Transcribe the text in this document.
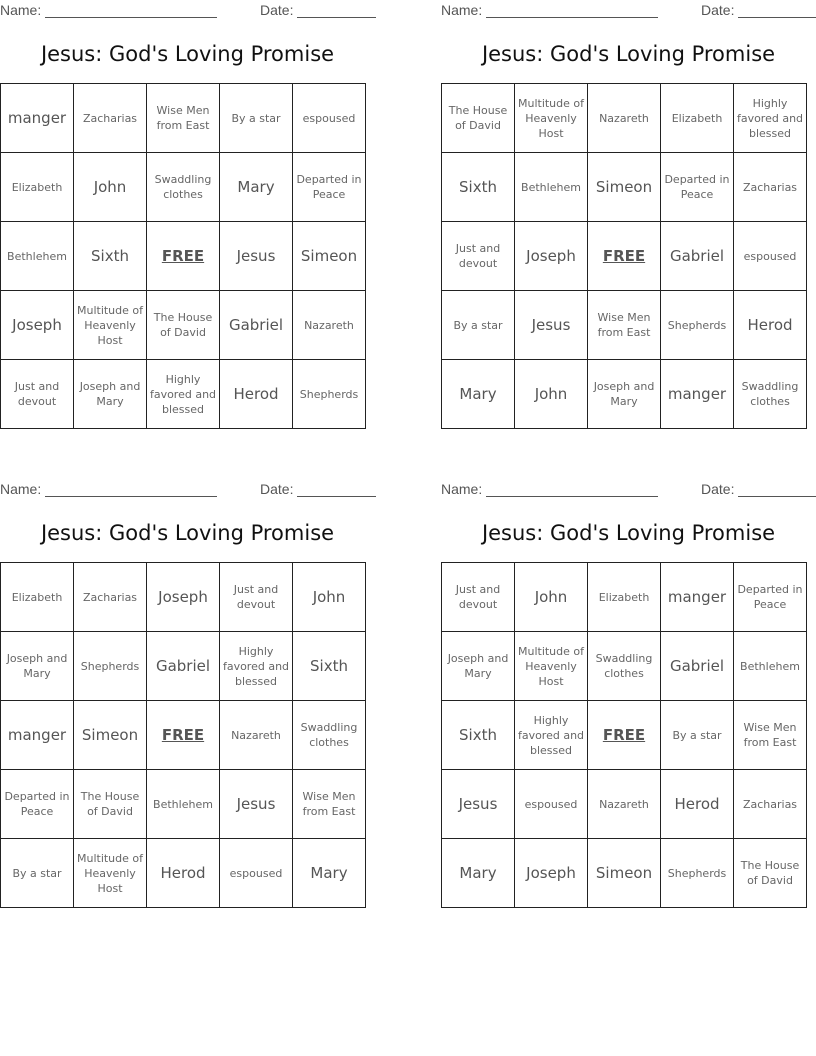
Name:	Date:
Jesus: God's Loving Promise
manger	Zacharias	Wise Men from East	By a star	espoused
Elizabeth	John	Swaddling clothes	Mary	Departed in Peace
Bethlehem	Sixth	FREE	Jesus	Simeon
Joseph	Multitude of Heavenly Host	The House of David	Gabriel	Nazareth
Just and devout	Joseph and Mary	Highly favored and blessed	Herod	Shepherds
Name:	Date:
Jesus: God's Loving Promise
The House of David	Multitude of Heavenly Host	Nazareth	Elizabeth	Highly favored and blessed
Sixth	Bethlehem	Simeon	Departed in Peace	Zacharias
Just and devout	Joseph	FREE	Gabriel	espoused
By a star	Jesus	Wise Men from East	Shepherds	Herod
Mary	John	Joseph and Mary	manger	Swaddling clothes
Name:	Date:
Jesus: God's Loving Promise
Elizabeth	Zacharias	Joseph	Just and devout	John
Joseph and Mary	Shepherds	Gabriel	Highly favored and blessed	Sixth
manger	Simeon	FREE	Nazareth	Swaddling clothes
Departed in Peace	The House of David	Bethlehem	Jesus	Wise Men from East
By a star	Multitude of Heavenly Host	Herod	espoused	Mary
Name:	Date:
Jesus: God's Loving Promise
Just and devout	John	Elizabeth	manger	Departed in Peace
Joseph and Mary	Multitude of Heavenly Host	Swaddling clothes	Gabriel	Bethlehem
Sixth	Highly favored and blessed	FREE	By a star	Wise Men from East
Jesus	espoused	Nazareth	Herod	Zacharias
Mary	Joseph	Simeon	Shepherds	The House of David
